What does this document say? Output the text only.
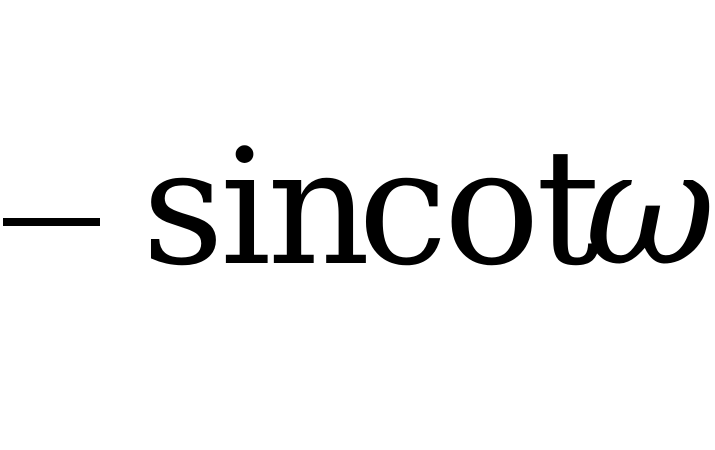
sin
cot
ω
